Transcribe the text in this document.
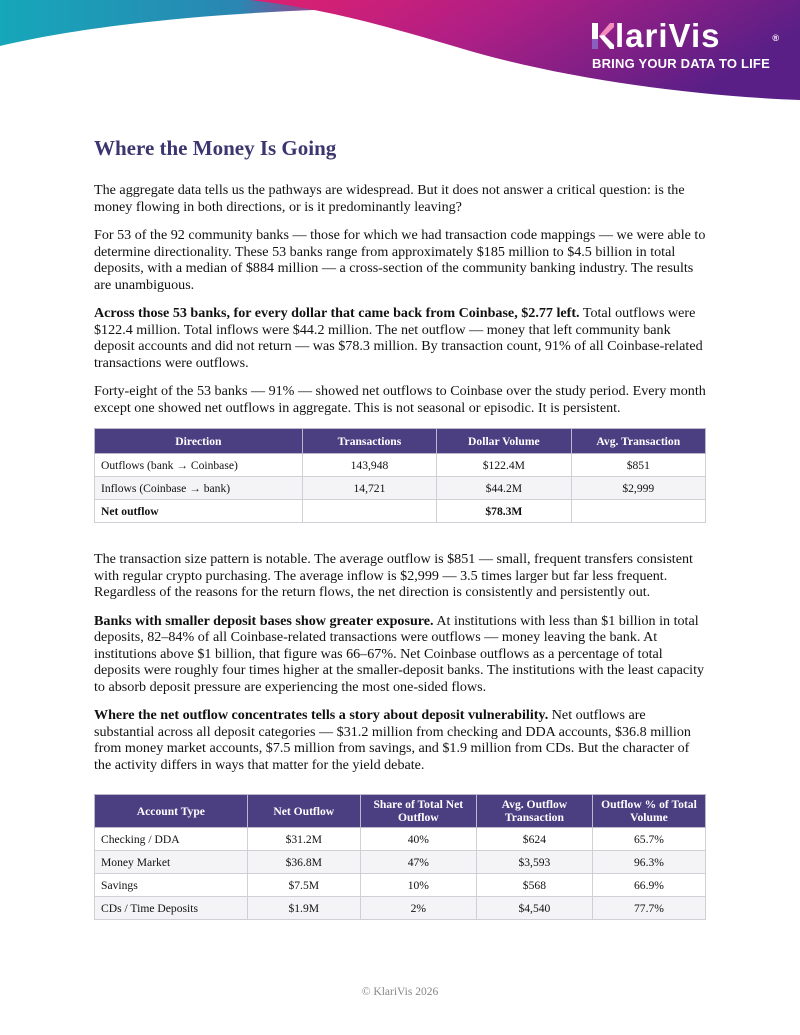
lariVis	®
BRING YOUR DATA TO LIFE
Where the Money Is Going

The aggregate data tells us the pathways are widespread. But it does not answer a critical question: is the money flowing in both directions, or is it predominantly leaving?

For 53 of the 92 community banks — those for which we had transaction code mappings — we were able to determine directionality. These 53 banks range from approximately $185 million to $4.5 billion in total deposits, with a median of $884 million — a cross-section of the community banking industry. The results are unambiguous.

Across those 53 banks, for every dollar that came back from Coinbase, $2.77 left. Total outflows were $122.4 million. Total inflows were $44.2 million. The net outflow — money that left community bank deposit accounts and did not return — was $78.3 million. By transaction count, 91% of all Coinbase-related transactions were outflows.

Forty-eight of the 53 banks — 91% — showed net outflows to Coinbase over the study period. Every month except one showed net outflows in aggregate. This is not seasonal or episodic. It is persistent.

Direction	Transactions	Dollar Volume	Avg. Transaction
Outflows (bank → Coinbase)	143,948	$122.4M	$851
Inflows (Coinbase → bank)	14,721	$44.2M	$2,999
Net outflow		$78.3M	

The transaction size pattern is notable. The average outflow is $851 — small, frequent transfers consistent with regular crypto purchasing. The average inflow is $2,999 — 3.5 times larger but far less frequent. Regardless of the reasons for the return flows, the net direction is consistently and persistently out.

Banks with smaller deposit bases show greater exposure. At institutions with less than $1 billion in total deposits, 82–84% of all Coinbase-related transactions were outflows — money leaving the bank. At institutions above $1 billion, that figure was 66–67%. Net Coinbase outflows as a percentage of total deposits were roughly four times higher at the smaller-deposit banks. The institutions with the least capacity to absorb deposit pressure are experiencing the most one-sided flows.

Where the net outflow concentrates tells a story about deposit vulnerability. Net outflows are substantial across all deposit categories — $31.2 million from checking and DDA accounts, $36.8 million from money market accounts, $7.5 million from savings, and $1.9 million from CDs. But the character of the activity differs in ways that matter for the yield debate.

Account Type	Net Outflow	Share of Total Net Outflow	Avg. Outflow Transaction	Outflow % of Total Volume
Checking / DDA	$31.2M	40%	$624	65.7%
Money Market	$36.8M	47%	$3,593	96.3%
Savings	$7.5M	10%	$568	66.9%
CDs / Time Deposits	$1.9M	2%	$4,540	77.7%
© KlariVis 2026
